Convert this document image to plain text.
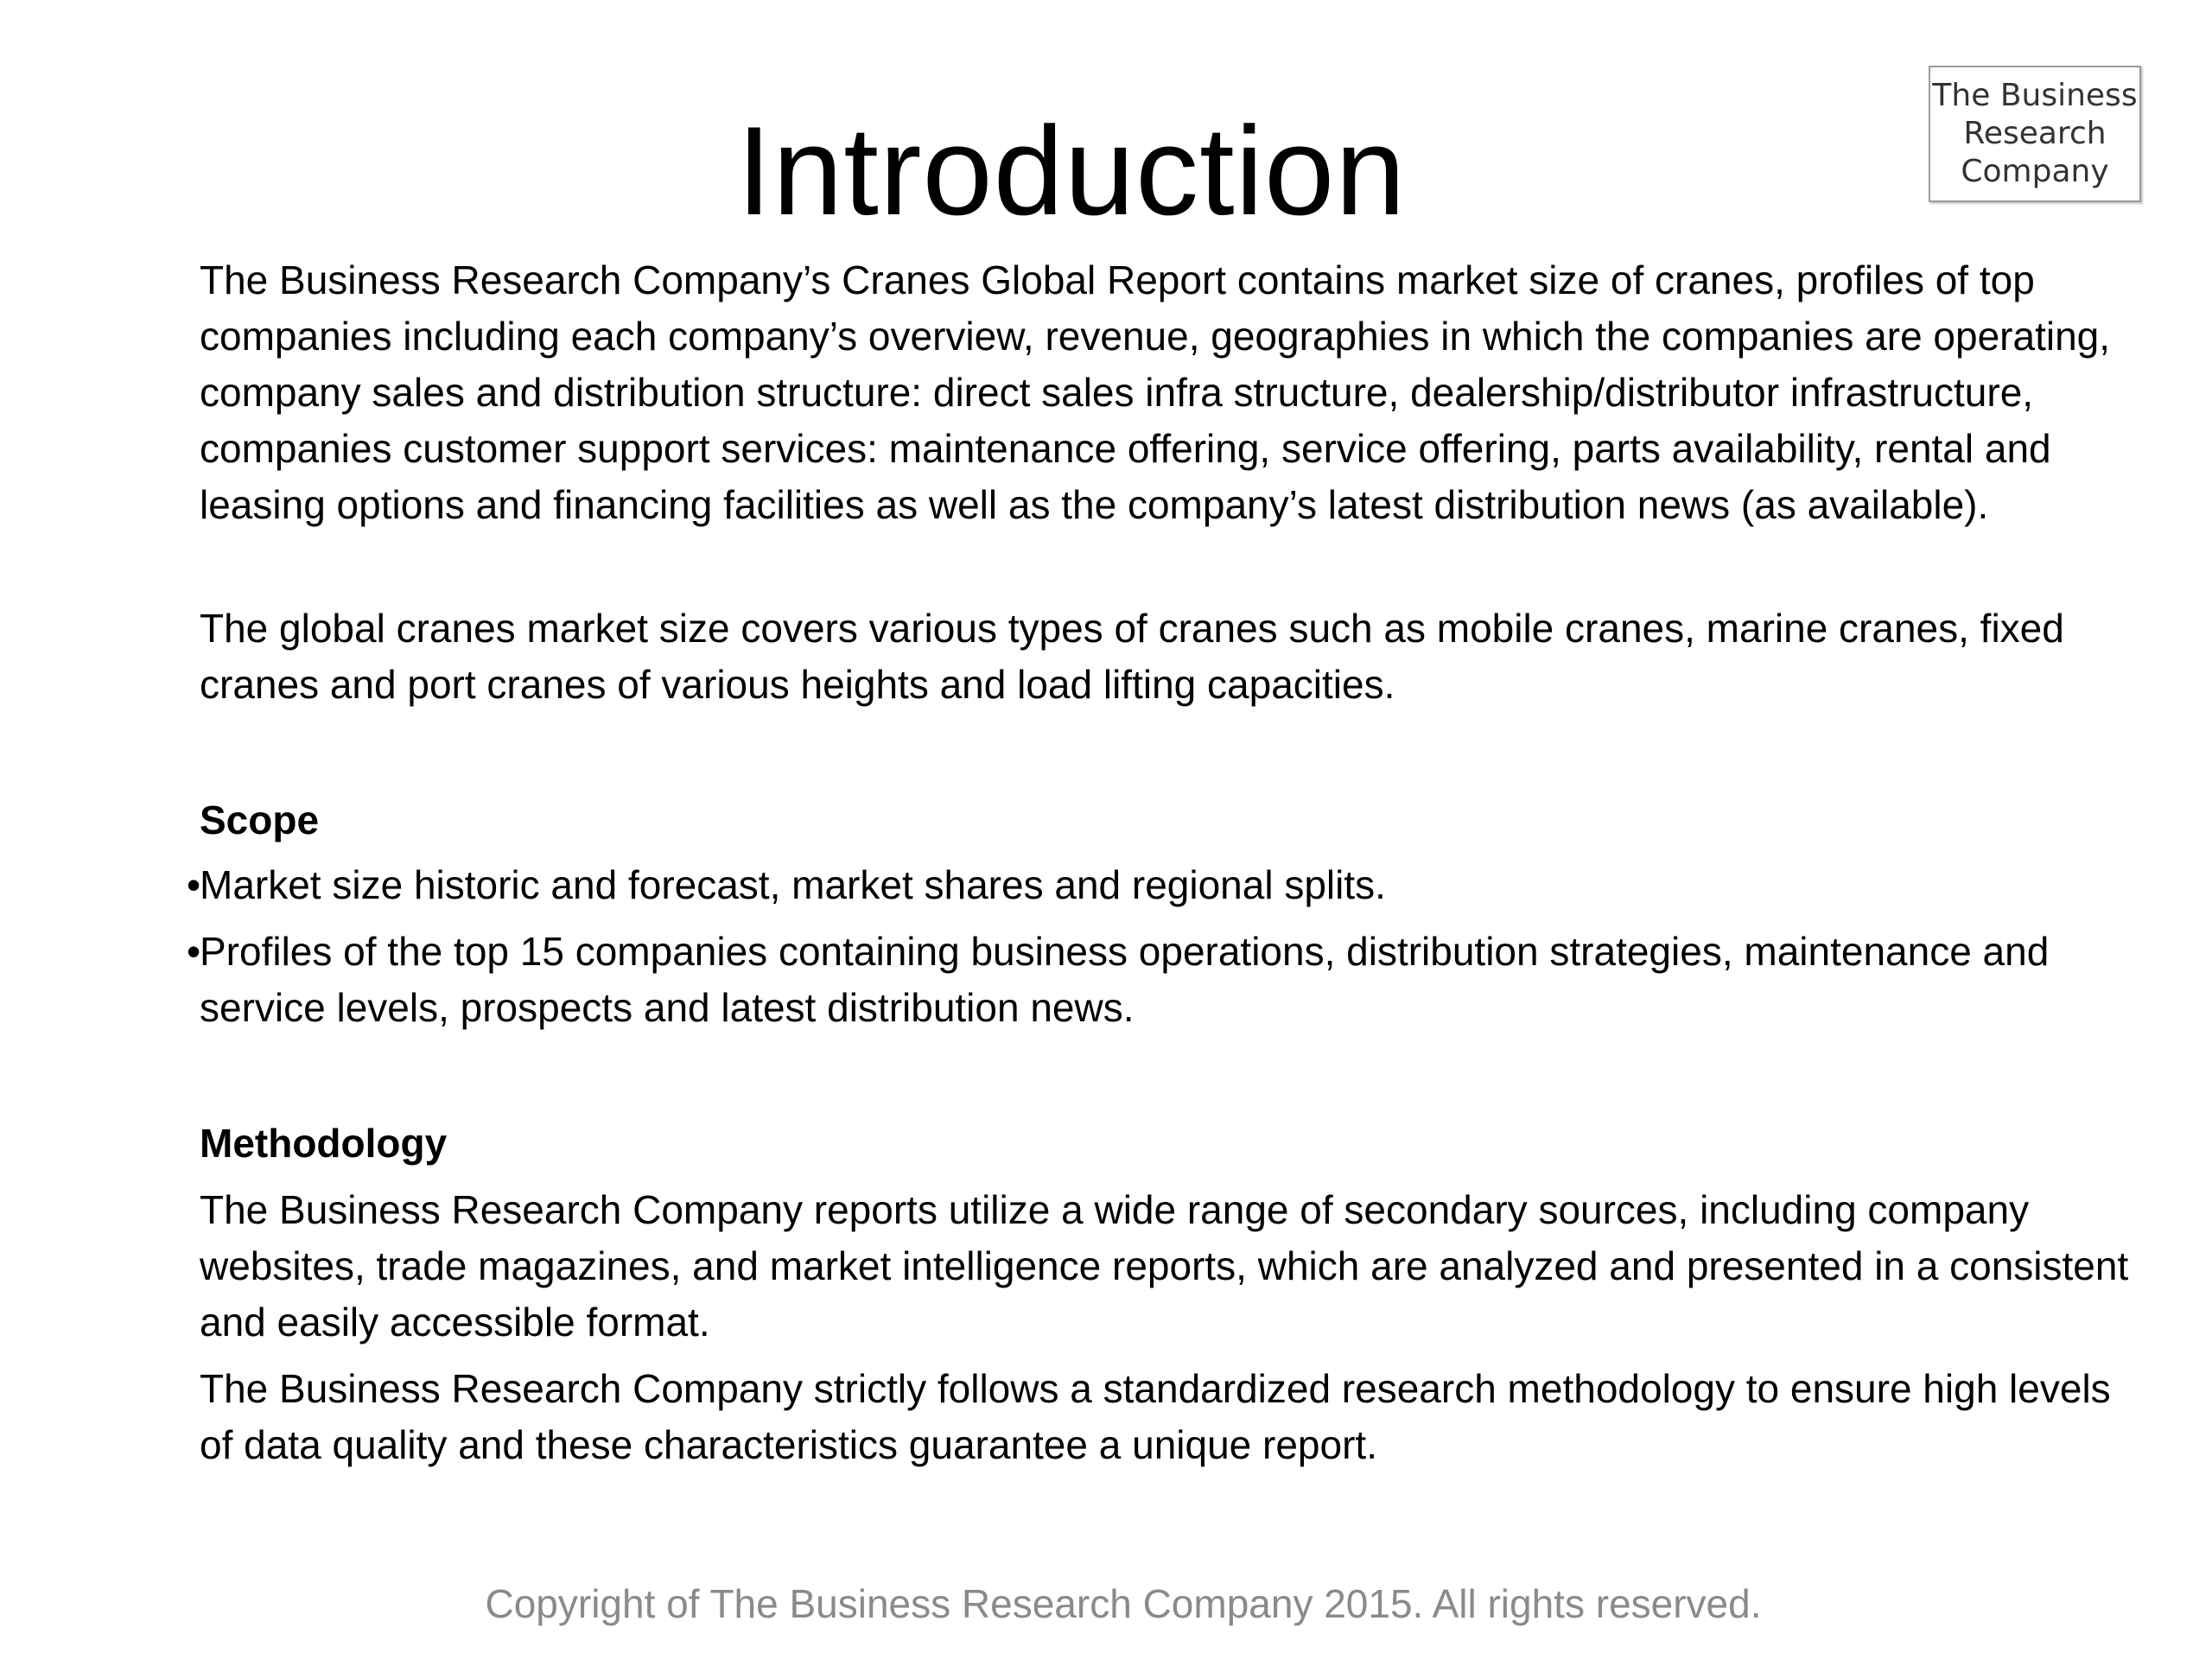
Introduction
The Business
Research
Company

The Business Research Company’s Cranes Global Report contains market size of cranes, profiles of top companies including each company’s overview, revenue, geographies in which the companies are operating, company sales and distribution structure: direct sales infra structure, dealership/distributor infrastructure, companies customer support services: maintenance offering, service offering, parts availability, rental and leasing options and financing facilities as well as the company’s latest distribution news (as available).

The global cranes market size covers various types of cranes such as mobile cranes, marine cranes, fixed cranes and port cranes of various heights and load lifting capacities.

Scope

•
Market size historic and forecast, market shares and regional splits.

•
Profiles of the top 15 companies containing business operations, distribution strategies, maintenance and service levels, prospects and latest distribution news.

Methodology

The Business Research Company reports utilize a wide range of secondary sources, including company websites, trade magazines, and market intelligence reports, which are analyzed and presented in a consistent and easily accessible format.

The Business Research Company strictly follows a standardized research methodology to ensure high levels of data quality and these characteristics guarantee a unique report.

Copyright of The Business Research Company 2015. All rights reserved.
